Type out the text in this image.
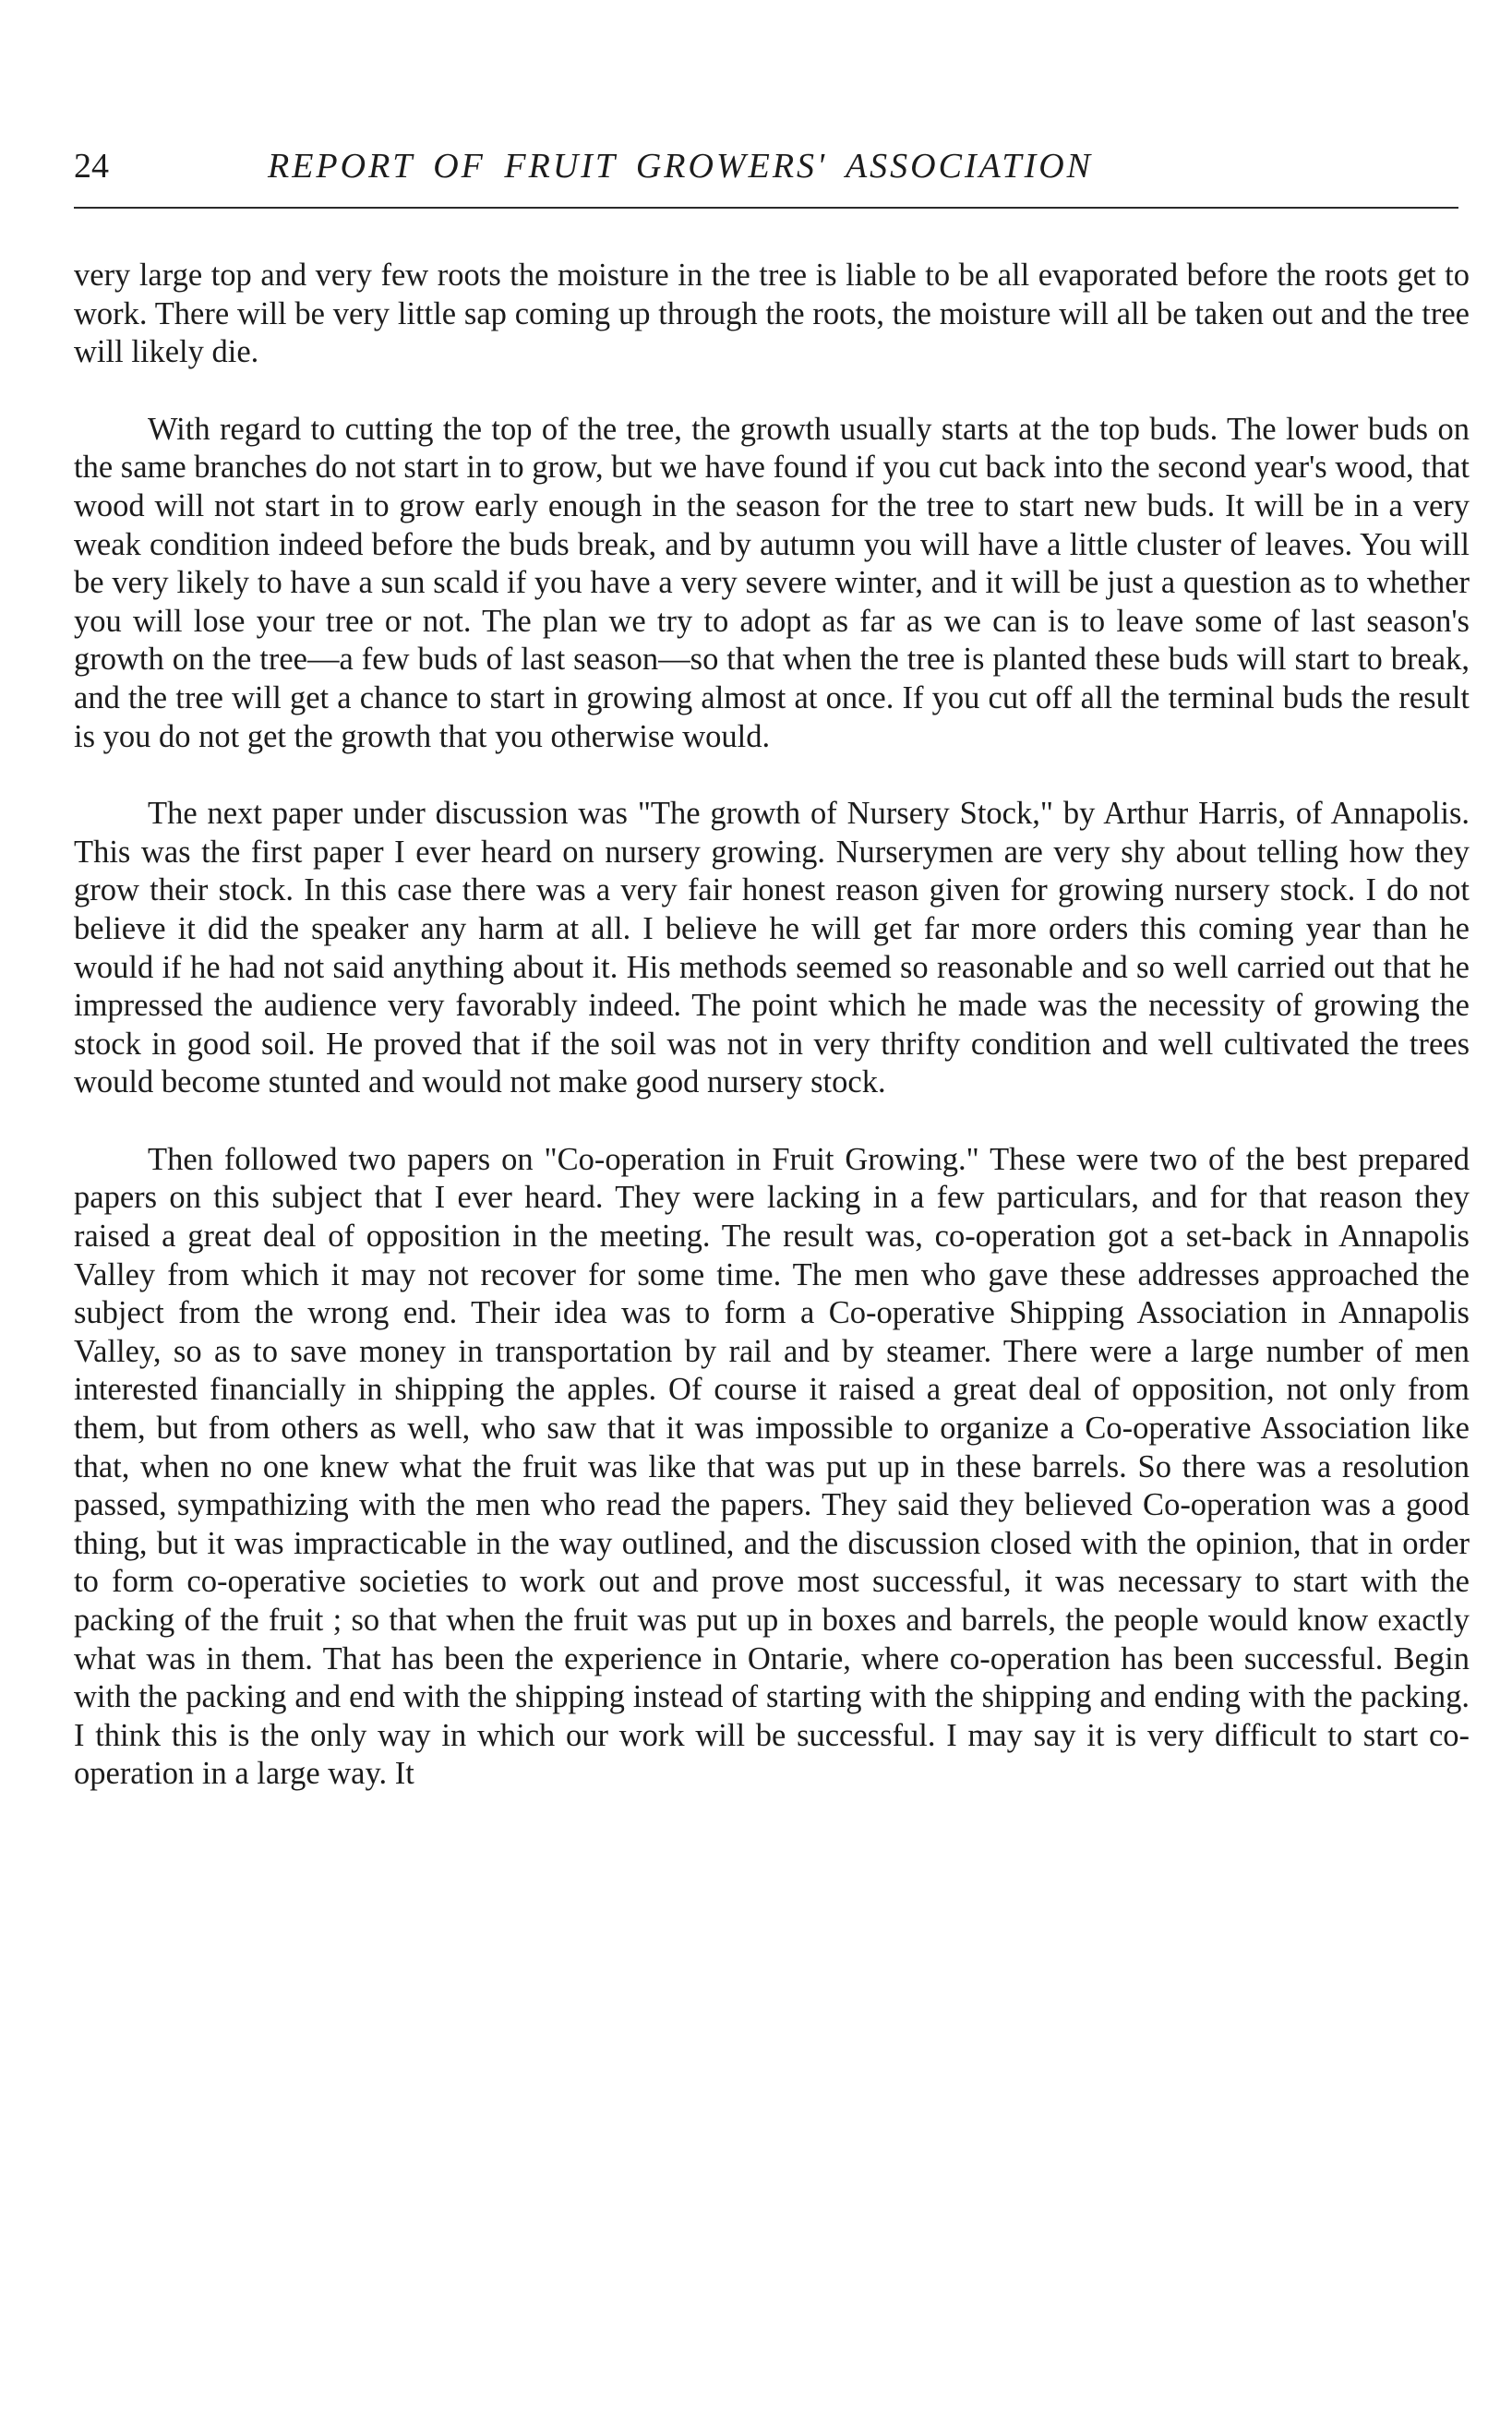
24	REPORT OF FRUIT GROWERS' ASSOCIATION

very large top and very few roots the moisture in the tree is liable to be all evaporated before the roots get to work. There will be very little sap coming up through the roots, the moisture will all be taken out and the tree will likely die.

With regard to cutting the top of the tree, the growth usually starts at the top buds. The lower buds on the same branches do not start in to grow, but we have found if you cut back into the second year's wood, that wood will not start in to grow early enough in the season for the tree to start new buds. It will be in a very weak condition indeed before the buds break, and by autumn you will have a little cluster of leaves. You will be very likely to have a sun scald if you have a very severe winter, and it will be just a question as to whether you will lose your tree or not. The plan we try to adopt as far as we can is to leave some of last season's growth on the tree—a few buds of last season—so that when the tree is planted these buds will start to break, and the tree will get a chance to start in growing almost at once. If you cut off all the terminal buds the result is you do not get the growth that you otherwise would.

The next paper under discussion was "The growth of Nursery Stock," by Arthur Harris, of Annapolis. This was the first paper I ever heard on nursery growing. Nurserymen are very shy about telling how they grow their stock. In this case there was a very fair honest reason given for growing nursery stock. I do not believe it did the speaker any harm at all. I believe he will get far more orders this coming year than he would if he had not said anything about it. His methods seemed so reasonable and so well carried out that he impressed the audience very favorably indeed. The point which he made was the necessity of growing the stock in good soil. He proved that if the soil was not in very thrifty condition and well cultivated the trees would become stunted and would not make good nursery stock.

Then followed two papers on "Co-operation in Fruit Growing." These were two of the best prepared papers on this subject that I ever heard. They were lacking in a few particulars, and for that reason they raised a great deal of opposition in the meeting. The result was, co-operation got a set-back in Annapolis Valley from which it may not recover for some time. The men who gave these addresses approached the subject from the wrong end. Their idea was to form a Co-operative Shipping Association in Annapolis Valley, so as to save money in transportation by rail and by steamer. There were a large number of men interested financially in shipping the apples. Of course it raised a great deal of opposition, not only from them, but from others as well, who saw that it was impossible to organize a Co-operative Association like that, when no one knew what the fruit was like that was put up in these barrels. So there was a resolution passed, sympathizing with the men who read the papers. They said they believed Co-operation was a good thing, but it was impracticable in the way outlined, and the discussion closed with the opinion, that in order to form co-operative societies to work out and prove most successful, it was necessary to start with the packing of the fruit ; so that when the fruit was put up in boxes and barrels, the people would know exactly what was in them. That has been the experience in Ontarie, where co-operation has been successful. Begin with the packing and end with the shipping instead of starting with the shipping and ending with the packing. I think this is the only way in which our work will be successful. I may say it is very difficult to start co-operation in a large way. It
